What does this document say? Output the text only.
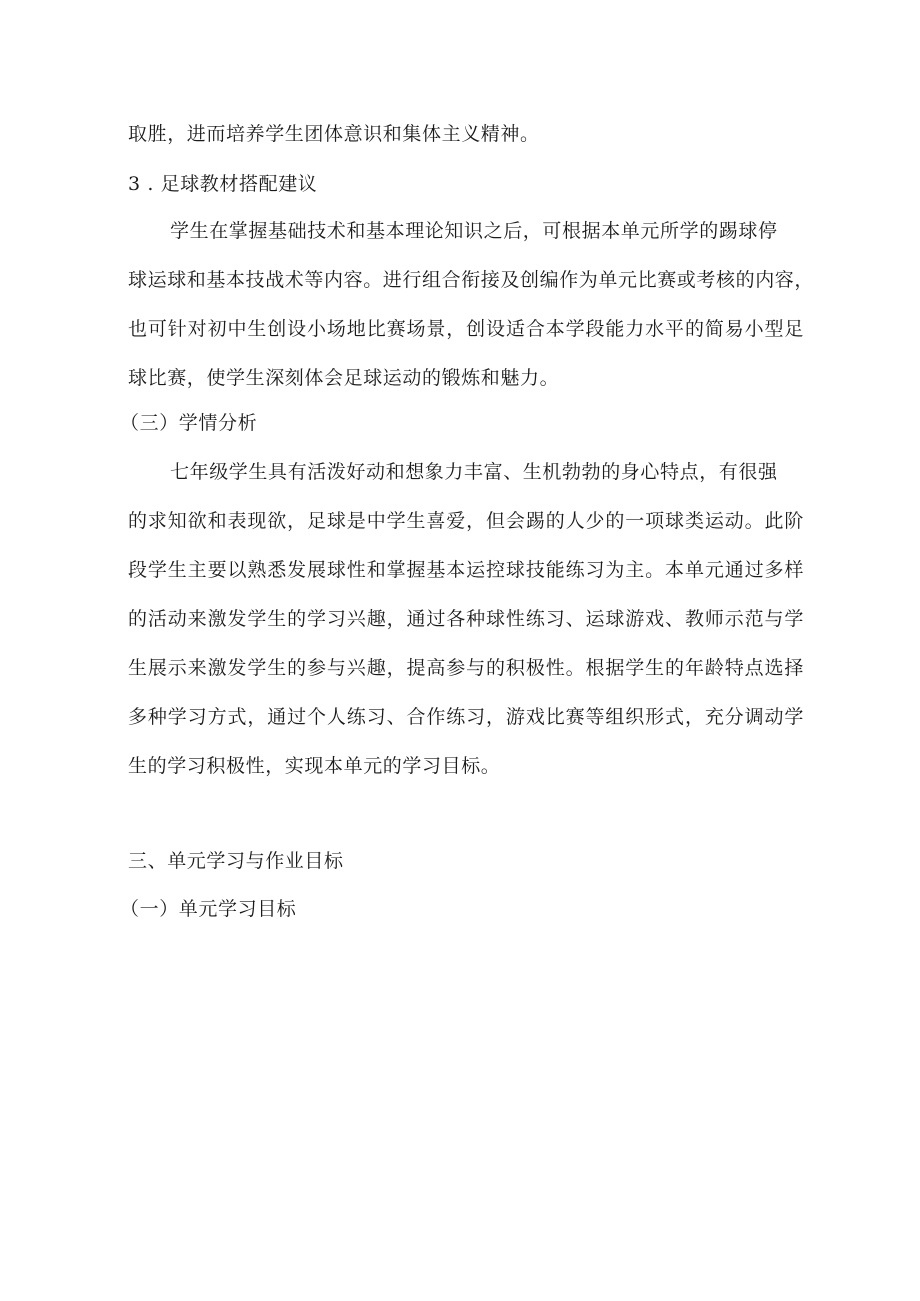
取胜，进而培养学生团体意识和集体主义精神。
3 . 足球教材搭配建议
学生在掌握基础技术和基本理论知识之后，可根据本单元所学的踢球停
球运球和基本技战术等内容。进行组合衔接及创编作为单元比赛或考核的内容，
也可针对初中生创设小场地比赛场景，创设适合本学段能力水平的简易小型足
球比赛，使学生深刻体会足球运动的锻炼和魅力。
（三）学情分析
七年级学生具有活泼好动和想象力丰富、生机勃勃的身心特点，有很强
的求知欲和表现欲，足球是中学生喜爱，但会踢的人少的一项球类运动。此阶
段学生主要以熟悉发展球性和掌握基本运控球技能练习为主。本单元通过多样
的活动来激发学生的学习兴趣，通过各种球性练习、运球游戏、教师示范与学
生展示来激发学生的参与兴趣，提高参与的积极性。根据学生的年龄特点选择
多种学习方式，通过个人练习、合作练习，游戏比赛等组织形式，充分调动学
生的学习积极性，实现本单元的学习目标。
三、单元学习与作业目标
（一）单元学习目标
